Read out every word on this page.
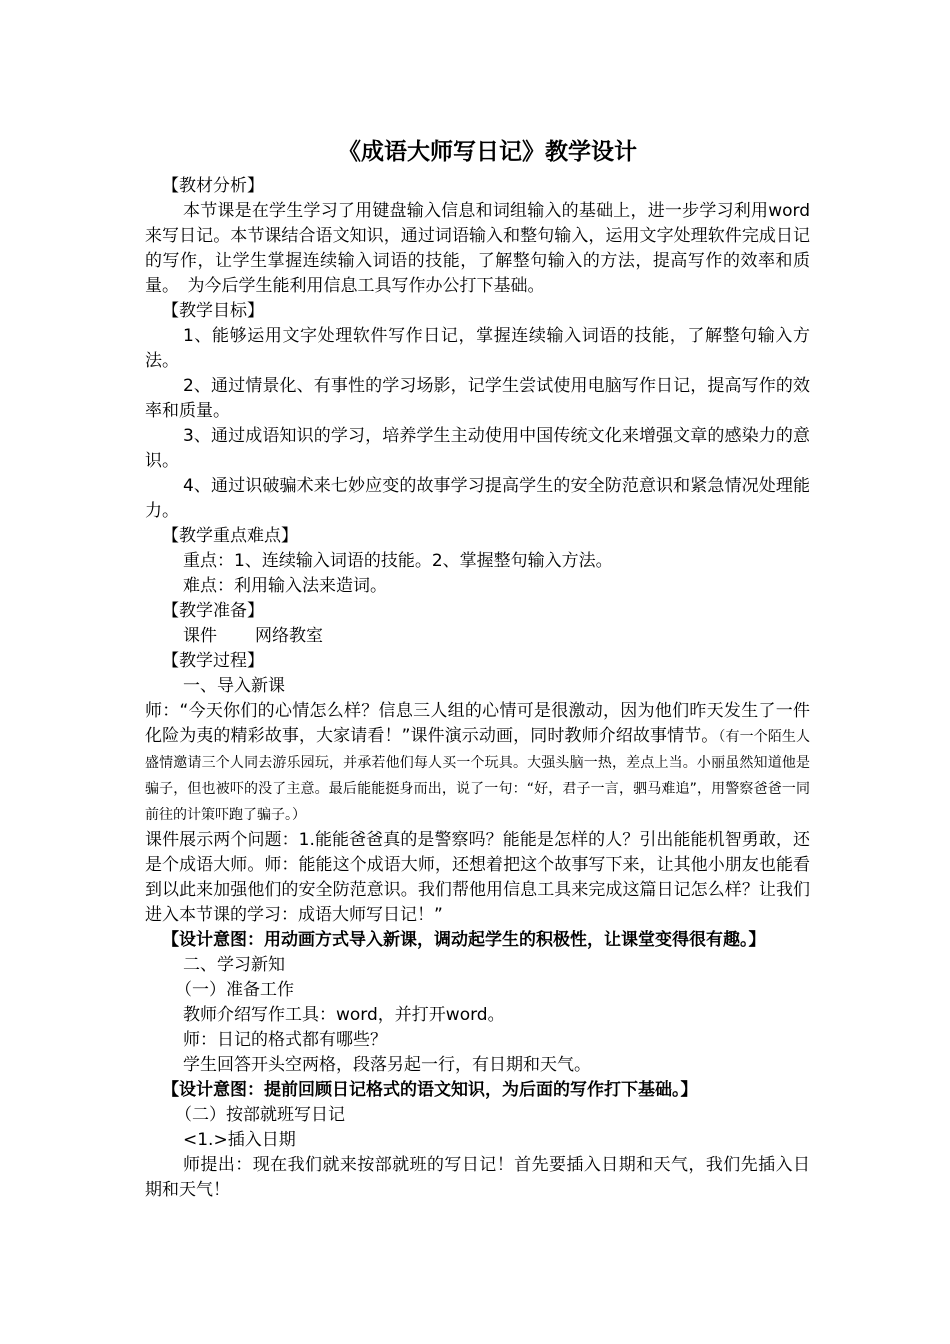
《成语大师写日记》教学设计

【教材分析】

本节课是在学生学习了用键盘输入信息和词组输入的基础上，进一步学习利用word来写日记。本节课结合语文知识，通过词语输入和整句输入，运用文字处理软件完成日记的写作，让学生掌握连续输入词语的技能，了解整句输入的方法，提高写作的效率和质量。　为今后学生能利用信息工具写作办公打下基础。

【教学目标】

1、能够运用文字处理软件写作日记，掌握连续输入词语的技能，了解整句输入方法。

2、通过情景化、有事性的学习场影，记学生尝试使用电脑写作日记，提高写作的效率和质量。

3、通过成语知识的学习，培养学生主动使用中国传统文化来增强文章的感染力的意识。

4、通过识破骗术来七妙应变的故事学习提高学生的安全防范意识和紧急情况处理能力。

【教学重点难点】

重点：1、连续输入词语的技能。2、掌握整句输入方法。

难点：利用输入法来造词。

【教学准备】

课件 网络教室

【教学过程】

一、导入新课

师：“今天你们的心情怎么样？信息三人组的心情可是很激动，因为他们昨天发生了一件化险为夷的精彩故事，大家请看！”课件演示动画，同时教师介绍故事情节。（有一个陌生人盛情邀请三个人同去游乐园玩，并承若他们每人买一个玩具。大强头脑一热，差点上当。小丽虽然知道他是骗子，但也被吓的没了主意。最后能能挺身而出，说了一句：“好，君子一言，驷马难追”，用警察爸爸一同前往的计策吓跑了骗子。）

课件展示两个问题：1.能能爸爸真的是警察吗？能能是怎样的人？引出能能机智勇敢，还是个成语大师。师：能能这个成语大师，还想着把这个故事写下来，让其他小朋友也能看到以此来加强他们的安全防范意识。我们帮他用信息工具来完成这篇日记怎么样？让我们进入本节课的学习：成语大师写日记！”

【设计意图：用动画方式导入新课，调动起学生的积极性，让课堂变得很有趣。】

二、学习新知

（一）准备工作

教师介绍写作工具：word，并打开word。

师：日记的格式都有哪些？

学生回答开头空两格，段落另起一行，有日期和天气。

【设计意图：提前回顾日记格式的语文知识，为后面的写作打下基础。】

（二）按部就班写日记

<1.>插入日期

师提出：现在我们就来按部就班的写日记！首先要插入日期和天气，我们先插入日期和天气！
